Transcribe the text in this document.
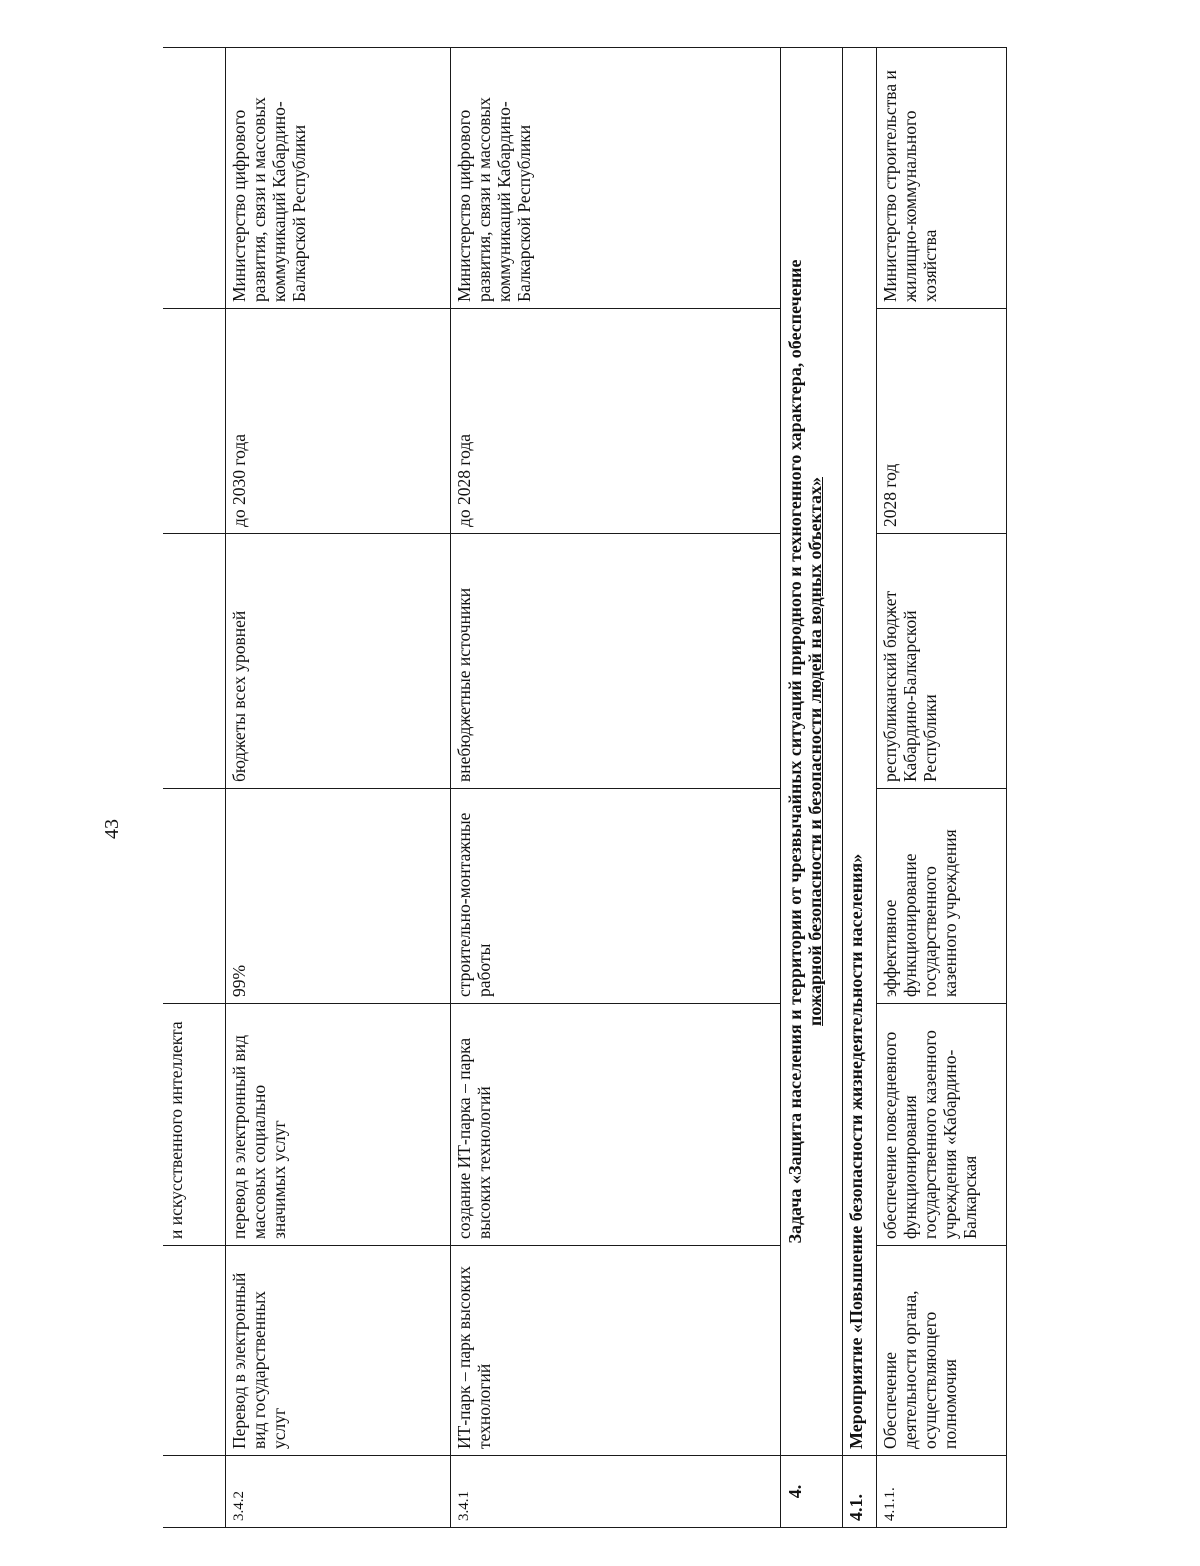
43
		и искусственного интеллекта				
3.4.2	Перевод в электронный вид государственных услуг	перевод в электронный вид массовых социально значимых услуг	99%	бюджеты всех уровней	до 2030 года	Министерство цифрового развития, связи и массовых коммуникаций Кабардино-Балкарской Республики
3.4.1	ИТ-парк – парк высоких технологий	создание ИТ-парка – парка высоких технологий	строительно-монтажные работы	внебюджетные источники	до 2028 года	Министерство цифрового развития, связи и массовых коммуникаций Кабардино-Балкарской Республики
4.	Задача «Защита населения и территории от чрезвычайных ситуаций природного и техногенного характера, обеспечение пожарной безопасности и безопасности людей на водных объектах»					

4.1.	Мероприятие «Повышение безопасности жизнедеятельности населения»					
4.1.1.	Обеспечение деятельности органа, осуществляющего полномочия	обеспечение повседневного функционирования государственного казенного учреждения «Кабардино-Балкарская	эффективное функционирование государственного казенного учреждения	республиканский бюджет Кабардино-Балкарской Республики	2028 год	Министерство строительства и жилищно-коммунального хозяйства
